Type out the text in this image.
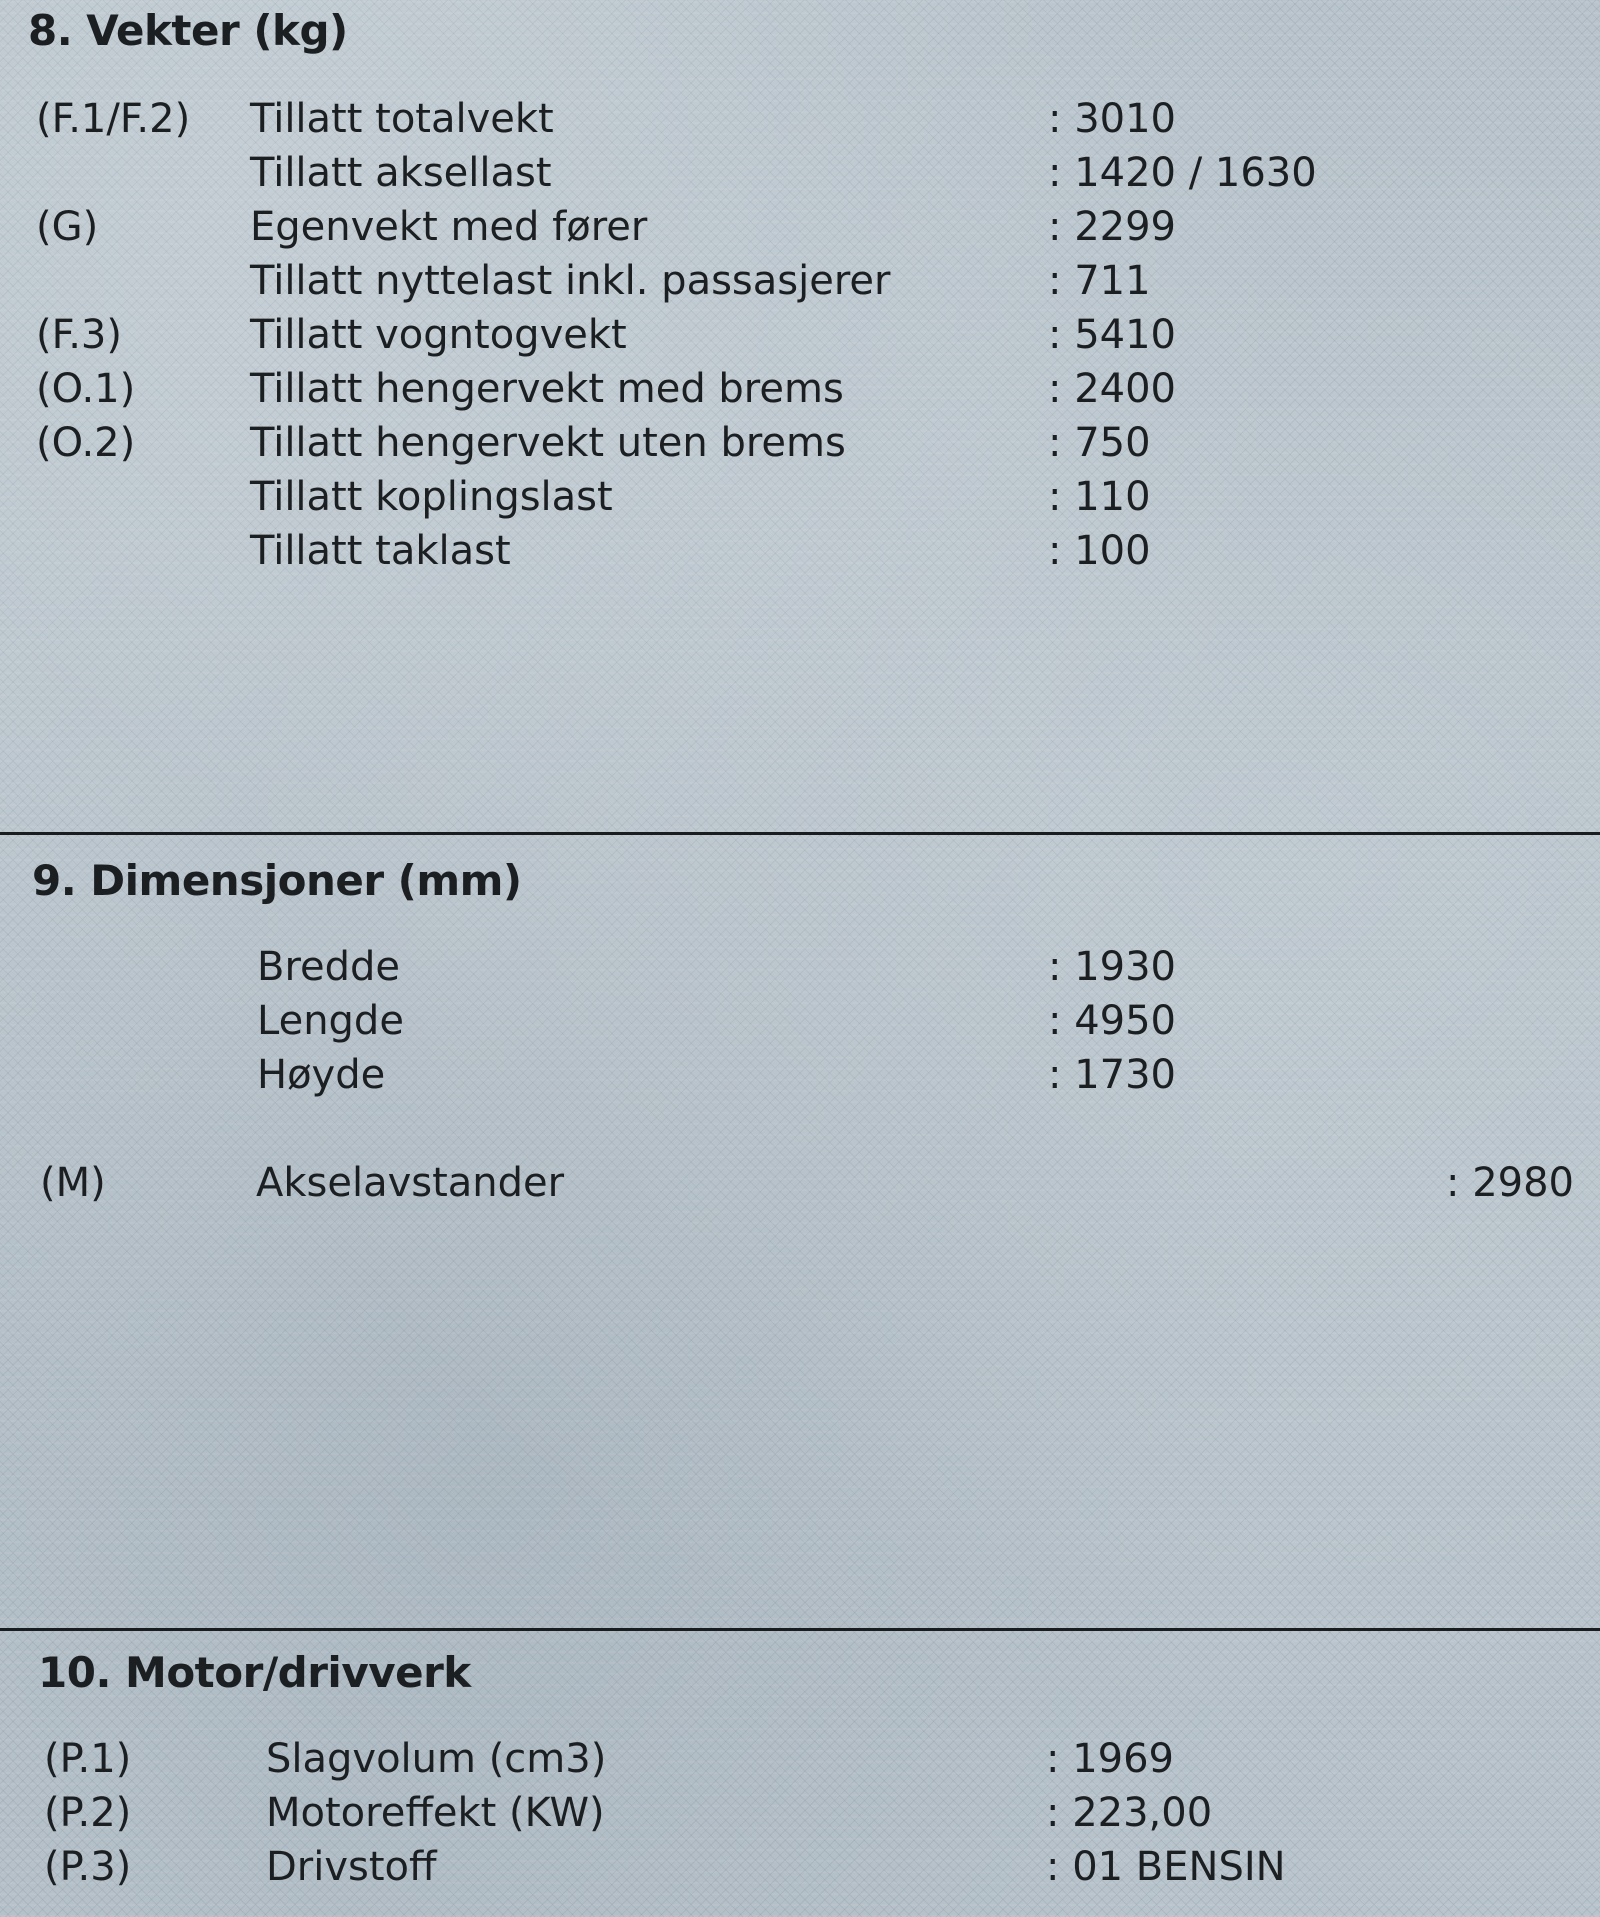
8. Vekter (kg)
(F.1/F.2) Tillatt totalvekt	: 3010
Tillatt aksellast	: 1420 / 1630
(G)	Egenvekt med fører	: 2299
Tillatt nyttelast inkl. passasjerer	: 711
(F.3)	Tillatt vogntogvekt	: 5410
(O.1)	Tillatt hengervekt med brems	: 2400
(O.2)	Tillatt hengervekt uten brems	: 750
Tillatt koplingslast	: 110
Tillatt taklast	: 100
9. Dimensjoner (mm)
Bredde	: 1930
Lengde	: 4950
Høyde	: 1730
(M)	Akselavstander	: 2980
10. Motor/drivverk
(P.1)	Slagvolum (cm3)	: 1969
(P.2)	Motoreffekt (KW)	: 223,00
(P.3)	Drivstoff	: 01 BENSIN
